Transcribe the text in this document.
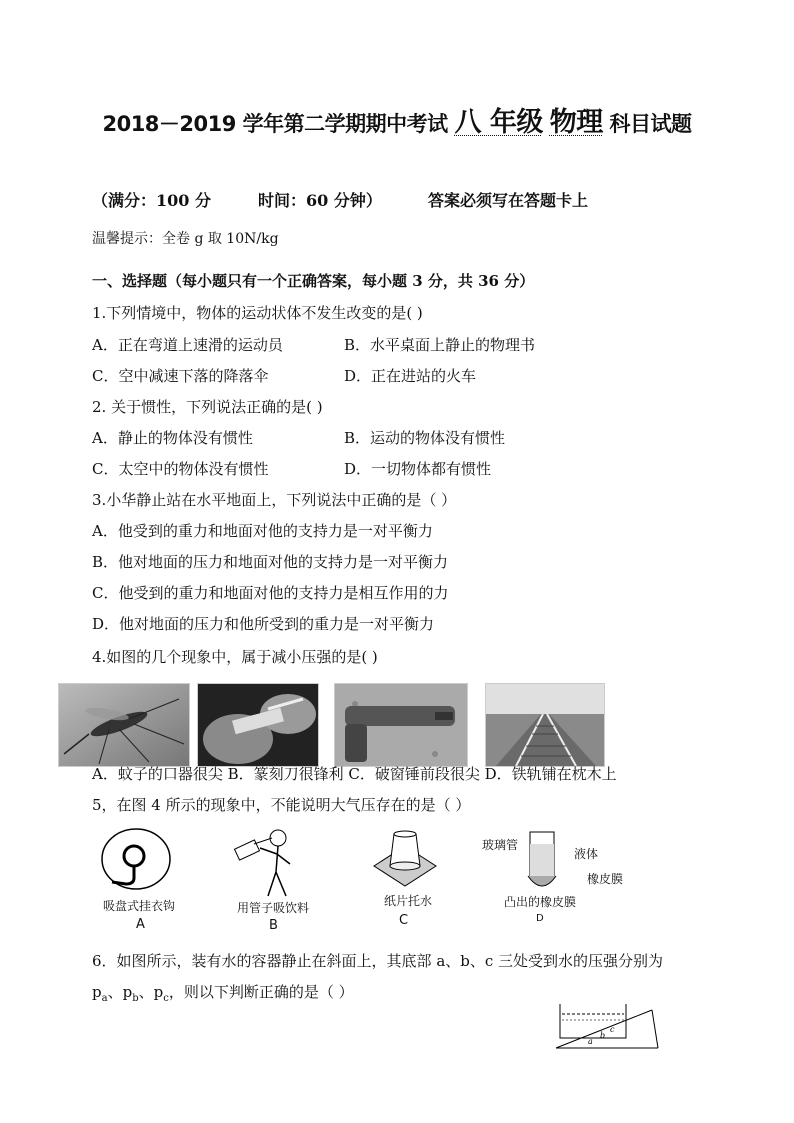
2018－2019 学年第二学期期中考试 八 年级 物理 科目试题
（满分：100 分	时间：60 分钟）	答案必须写在答题卡上
温馨提示：全卷 g 取 10N/kg
一、选择题（每小题只有一个正确答案，每小题 3 分，共 36 分）
1.下列情境中，物体的运动状体不发生改变的是( )
A．正在弯道上速滑的运动员	B．水平桌面上静止的物理书
C．空中减速下落的降落伞	D．正在进站的火车
2. 关于惯性，下列说法正确的是( )
A．静止的物体没有惯性	B．运动的物体没有惯性
C．太空中的物体没有惯性	D．一切物体都有惯性
3.小华静止站在水平地面上，下列说法中正确的是（ ）
A．他受到的重力和地面对他的支持力是一对平衡力
B．他对地面的压力和地面对他的支持力是一对平衡力
C．他受到的重力和地面对他的支持力是相互作用的力
D．他对地面的压力和他所受到的重力是一对平衡力
4.如图的几个现象中，属于减小压强的是( )
A．蚊子的口器很尖 B．篆刻刀很锋利 C．破窗锤前段很尖 D．铁轨铺在枕木上
5，在图 4 所示的现象中，不能说明大气压存在的是（ ）
吸盘式挂衣钩
A
用管子吸饮料
B
纸片托水
C
玻璃管
液体
橡皮膜
凸出的橡皮膜
D
6．如图所示，装有水的容器静止在斜面上，其底部 a、b、c 三处受到水的压强分别为
$p_a$、$p_b$、$p_c$，则以下判断正确的是（ ）
a
b
c
